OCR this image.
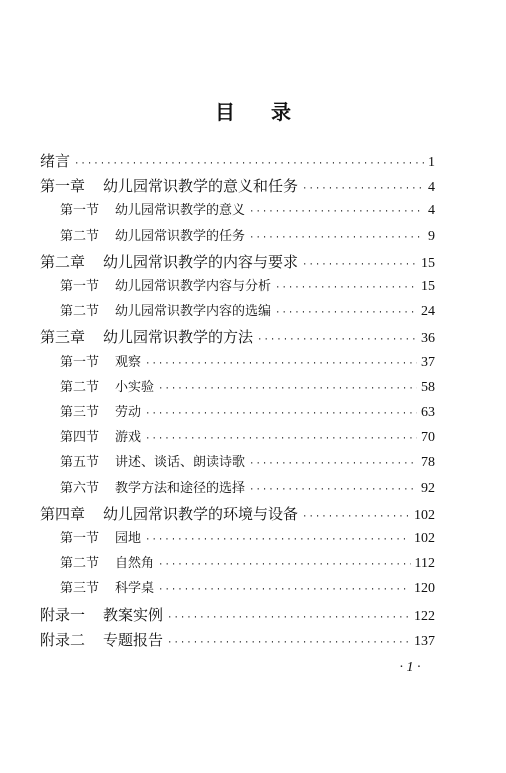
目 录
绪言 ·····	1
第一章 幼儿园常识教学的意义和任务 ·····	4
第一节 幼儿园常识教学的意义 ·····	4
第二节 幼儿园常识教学的任务 ·····	9
第二章 幼儿园常识教学的内容与要求 ·····	15
第一节 幼儿园常识教学内容与分析 ·····	15
第二节 幼儿园常识教学内容的选编 ·····	24
第三章 幼儿园常识教学的方法 ·····	36
第一节 观察 ·····	37
第二节 小实验 ·····	58
第三节 劳动 ·····	63
第四节 游戏 ·····	70
第五节 讲述、谈话、朗读诗歌 ·····	78
第六节 教学方法和途径的选择 ·····	92
第四章 幼儿园常识教学的环境与设备 ·····	102
第一节 园地 ·····	102
第二节 自然角 ·····	112
第三节 科学桌 ·····	120
附录一 教案实例 ·····	122
附录二 专题报告 ·····	137
· 1 ·
